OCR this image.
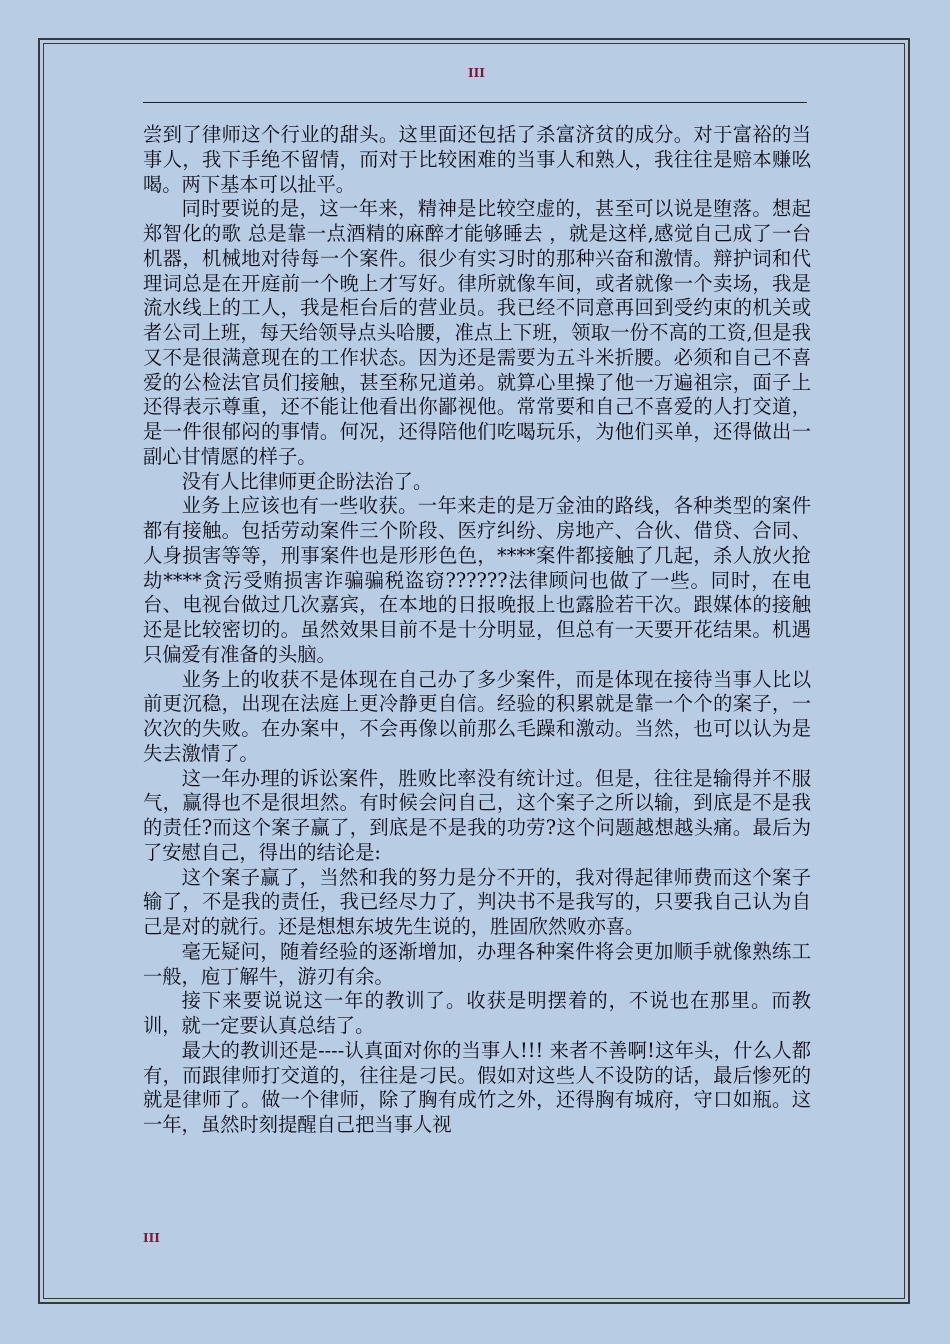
III

尝到了律师这个行业的甜头。这里面还包括了杀富济贫的成分。对于富裕的当事人，我下手绝不留情，而对于比较困难的当事人和熟人，我往往是赔本赚吆喝。两下基本可以扯平。

同时要说的是，这一年来，精神是比较空虚的，甚至可以说是堕落。想起郑智化的歌 总是靠一点酒精的麻醉才能够睡去 ，就是这样,感觉自己成了一台机器，机械地对待每一个案件。很少有实习时的那种兴奋和激情。辩护词和代理词总是在开庭前一个晚上才写好。律所就像车间，或者就像一个卖场，我是流水线上的工人，我是柜台后的营业员。我已经不同意再回到受约束的机关或者公司上班，每天给领导点头哈腰，准点上下班，领取一份不高的工资,但是我又不是很满意现在的工作状态。因为还是需要为五斗米折腰。必须和自己不喜爱的公检法官员们接触，甚至称兄道弟。就算心里操了他一万遍祖宗，面子上还得表示尊重，还不能让他看出你鄙视他。常常要和自己不喜爱的人打交道，是一件很郁闷的事情。何况，还得陪他们吃喝玩乐，为他们买单，还得做出一副心甘情愿的样子。

没有人比律师更企盼法治了。

业务上应该也有一些收获。一年来走的是万金油的路线，各种类型的案件都有接触。包括劳动案件三个阶段、医疗纠纷、房地产、合伙、借贷、合同、人身损害等等，刑事案件也是形形色色，****案件都接触了几起，杀人放火抢劫****贪污受贿损害诈骗骗税盗窃??????法律顾问也做了一些。同时，在电台、电视台做过几次嘉宾，在本地的日报晚报上也露脸若干次。跟媒体的接触还是比较密切的。虽然效果目前不是十分明显，但总有一天要开花结果。机遇只偏爱有准备的头脑。

业务上的收获不是体现在自己办了多少案件，而是体现在接待当事人比以前更沉稳，出现在法庭上更冷静更自信。经验的积累就是靠一个个的案子，一次次的失败。在办案中，不会再像以前那么毛躁和激动。当然，也可以认为是失去激情了。

这一年办理的诉讼案件，胜败比率没有统计过。但是，往往是输得并不服气，赢得也不是很坦然。有时候会问自己，这个案子之所以输，到底是不是我的责任?而这个案子赢了，到底是不是我的功劳?这个问题越想越头痛。最后为了安慰自己，得出的结论是:

这个案子赢了，当然和我的努力是分不开的，我对得起律师费而这个案子输了，不是我的责任，我已经尽力了，判决书不是我写的，只要我自己认为自己是对的就行。还是想想东坡先生说的，胜固欣然败亦喜。

毫无疑问，随着经验的逐渐增加，办理各种案件将会更加顺手就像熟练工一般，庖丁解牛，游刃有余。

接下来要说说这一年的教训了。收获是明摆着的，不说也在那里。而教训，就一定要认真总结了。

最大的教训还是----认真面对你的当事人!!! 来者不善啊!这年头，什么人都有，而跟律师打交道的，往往是刁民。假如对这些人不设防的话，最后惨死的就是律师了。做一个律师，除了胸有成竹之外，还得胸有城府，守口如瓶。这一年，虽然时刻提醒自己把当事人视

III
